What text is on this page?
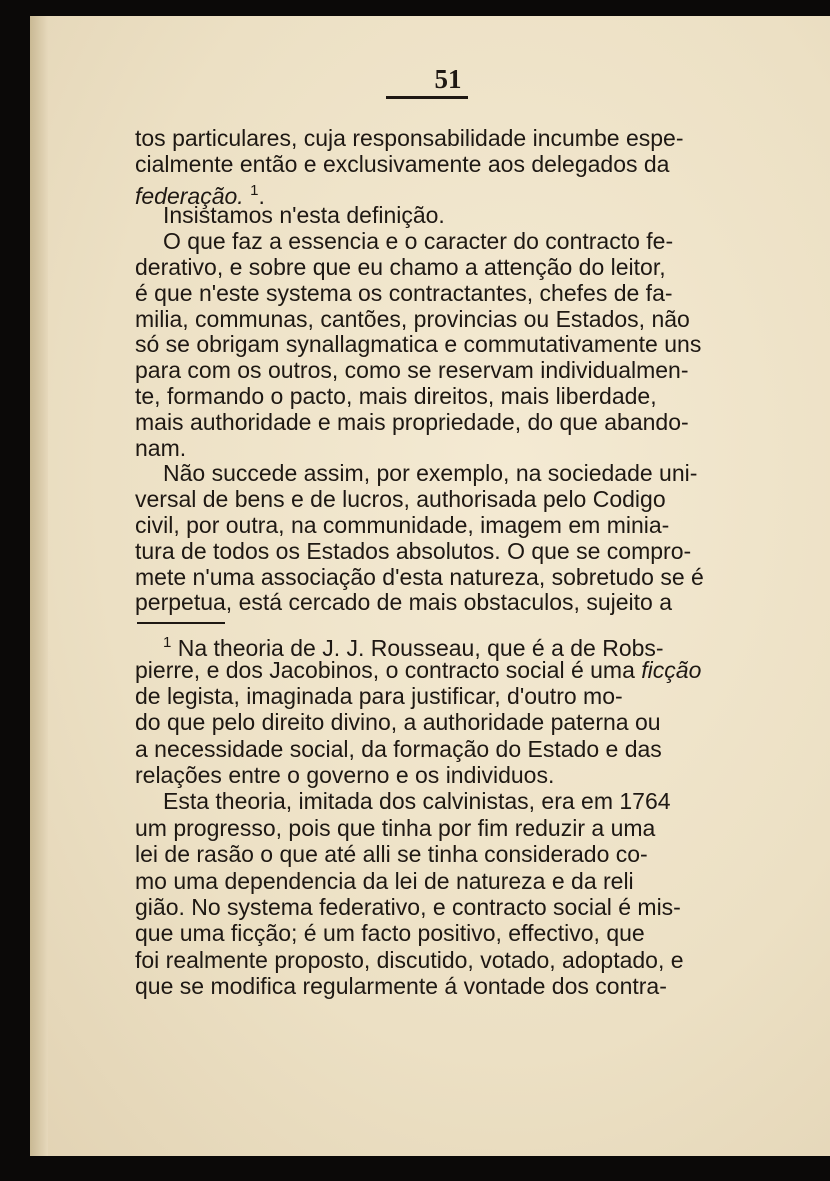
51
tos particulares, cuja responsabilidade incumbe espe-
cialmente então e exclusivamente aos delegados da
federação. $^1$.
Insistamos n'esta definição.
O que faz a essencia e o caracter do contracto fe-
derativo, e sobre que eu chamo a attenção do leitor,
é que n'este systema os contractantes, chefes de fa-
milia, communas, cantões, provincias ou Estados, não
só se obrigam synallagmatica e commutativamente uns
para com os outros, como se reservam individualmen-
te, formando o pacto, mais direitos, mais liberdade,
mais authoridade e mais propriedade, do que abando-
nam.
Não succede assim, por exemplo, na sociedade uni-
versal de bens e de lucros, authorisada pelo Codigo
civil, por outra, na communidade, imagem em minia-
tura de todos os Estados absolutos. O que se compro-
mete n'uma associação d'esta natureza, sobretudo se é
perpetua, está cercado de mais obstaculos, sujeito a
$^1$ Na theoria de J. J. Rousseau, que é a de Robs-
pierre, e dos Jacobinos, o contracto social é uma ficção
de legista, imaginada para justificar, d'outro mo-
do que pelo direito divino, a authoridade paterna ou
a necessidade social, da formação do Estado e das
relações entre o governo e os individuos.
Esta theoria, imitada dos calvinistas, era em 1764
um progresso, pois que tinha por fim reduzir a uma
lei de rasão o que até alli se tinha considerado co-
mo uma dependencia da lei de natureza e da reli
gião. No systema federativo, e contracto social é mis-
que uma ficção; é um facto positivo, effectivo, que
foi realmente proposto, discutido, votado, adoptado, e
que se modifica regularmente á vontade dos contra-
